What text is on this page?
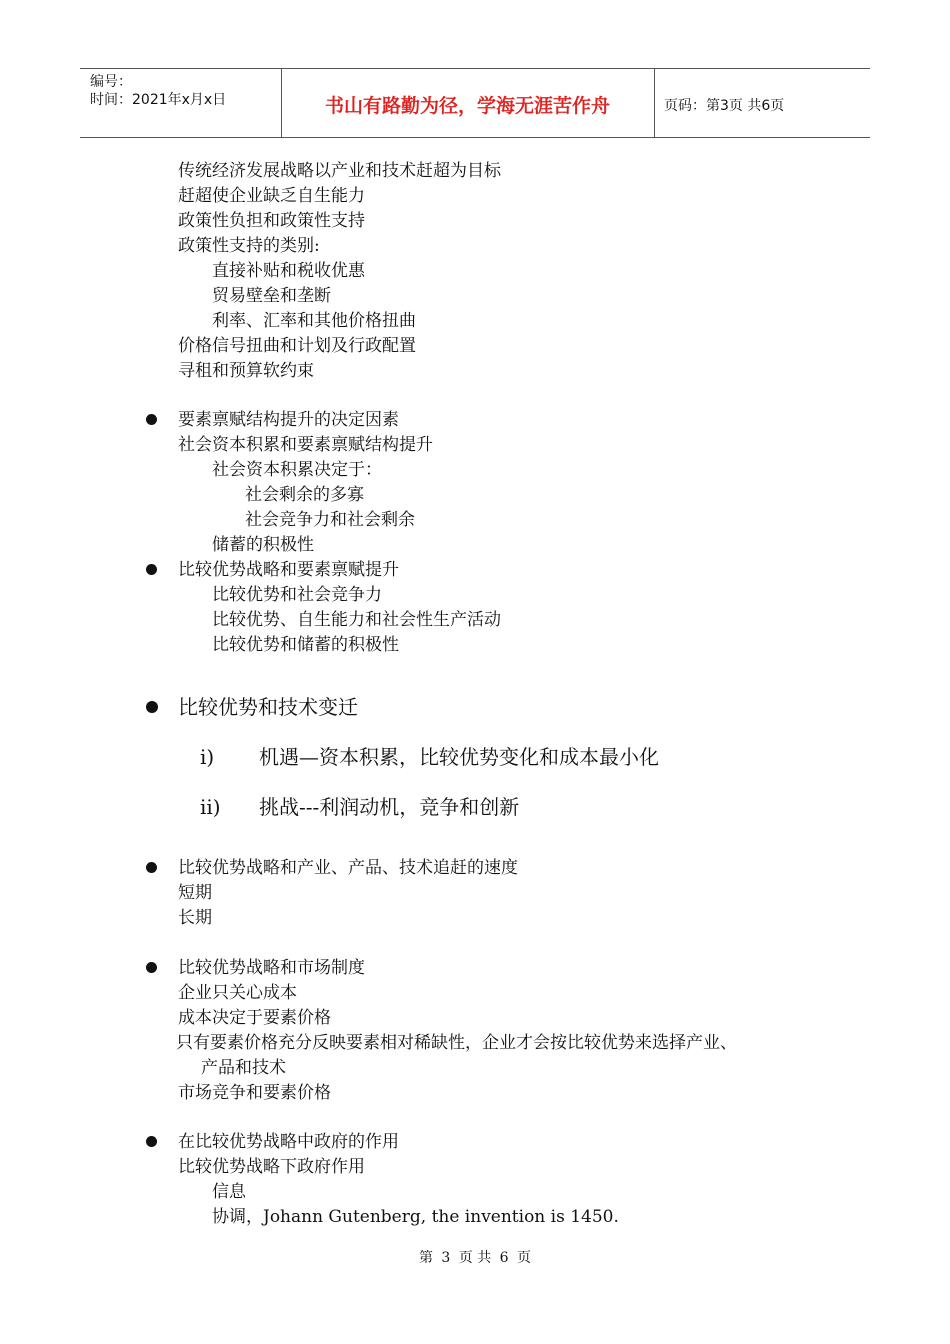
编号：
时间：2021年x月x日	书山有路勤为径，学海无涯苦作舟	页码：第3页 共6页
传统经济发展战略以产业和技术赶超为目标
赶超使企业缺乏自生能力
政策性负担和政策性支持
政策性支持的类别:
直接补贴和税收优惠
贸易壁垒和垄断
利率、汇率和其他价格扭曲
价格信号扭曲和计划及行政配置
寻租和预算软约束
要素禀赋结构提升的决定因素
社会资本积累和要素禀赋结构提升
社会资本积累决定于：
社会剩余的多寡
社会竞争力和社会剩余
储蓄的积极性
比较优势战略和要素禀赋提升
比较优势和社会竞争力
比较优势、自生能力和社会性生产活动
比较优势和储蓄的积极性
比较优势和技术变迁
i) 机遇—资本积累，比较优势变化和成本最小化
ii) 挑战---利润动机，竞争和创新
比较优势战略和产业、产品、技术追赶的速度
短期
长期
比较优势战略和市场制度
企业只关心成本
成本决定于要素价格
只有要素价格充分反映要素相对稀缺性，企业才会按比较优势来选择产业、
产品和技术
市场竞争和要素价格
在比较优势战略中政府的作用
比较优势战略下政府作用
信息
协调，Johann Gutenberg, the invention is 1450.
第 3 页 共 6 页
